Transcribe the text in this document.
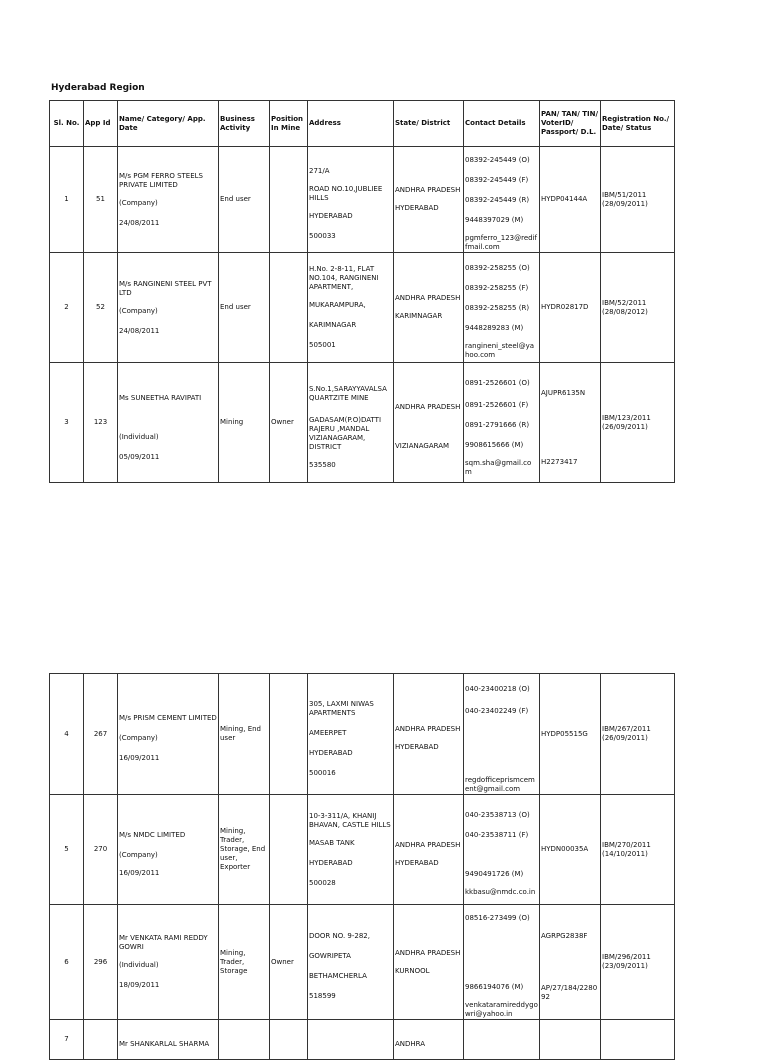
Hyderabad Region
Sl. No.	App Id	Name/ Category/ App. Date	Business Activity	Position In Mine	Address	State/ District	Contact Details	PAN/ TAN/ TIN/ VoterID/ Passport/ D.L.	Registration No./ Date/ Status
1	51	M/s PGM FERRO STEELS PRIVATE LIMITED
(Company)
24/08/2011	End user		271/A
ROAD NO.10,JUBLIEE HILLS
HYDERABAD
500033	ANDHRA PRADESH
HYDERABAD	08392-245449 (O)
08392-245449 (F)
08392-245449 (R)
9448397029 (M)
pgmferro_123@rediffmail.com	HYDP04144A	IBM/51/2011
(28/09/2011)

2	52	M/s RANGINENI STEEL PVT LTD
(Company)
24/08/2011	End user		H.No. 2-8-11, FLAT NO.104, RANGINENI APARTMENT,
MUKARAMPURA,
KARIMNAGAR
505001	ANDHRA PRADESH
KARIMNAGAR	08392-258255 (O)
08392-258255 (F)
08392-258255 (R)
9448289283 (M)
rangineni_steel@yahoo.com	HYDR02817D	IBM/52/2011
(28/08/2012)

3	123	Ms SUNEETHA RAVIPATI
(Individual)
05/09/2011	Mining	Owner	S.No.1,SARAYYAVALSA QUARTZITE MINE
GADASAM(P.O)DATTI RAJERU ,MANDAL VIZIANAGARAM, DISTRICT
535580	ANDHRA PRADESH
VIZIANAGARAM	0891-2526601 (O)
0891-2526601 (F)
0891-2791666 (R)
9908615666 (M)
sqm.sha@gmail.com	AJUPR6135N
H2273417	IBM/123/2011
(26/09/2011)
4	267	M/s PRISM CEMENT LIMITED
(Company)
16/09/2011	Mining, End user		305, LAXMI NIWAS APARTMENTS
AMEERPET
HYDERABAD
500016	ANDHRA PRADESH
HYDERABAD	040-23400218 (O)
040-23402249 (F)
regdofficeprismcement@gmail.com	HYDP05515G	IBM/267/2011
(26/09/2011)

5	270	M/s NMDC LIMITED
(Company)
16/09/2011	Mining, Trader, Storage, End user, Exporter		10-3-311/A, KHANIJ BHAVAN, CASTLE HILLS
MASAB TANK
HYDERABAD
500028	ANDHRA PRADESH
HYDERABAD	040-23538713 (O)
040-23538711 (F)
9490491726 (M)
kkbasu@nmdc.co.in	HYDN00035A	IBM/270/2011
(14/10/2011)

6	296	Mr VENKATA RAMI REDDY GOWRI
(Individual)
18/09/2011	Mining, Trader, Storage	Owner	DOOR NO. 9-282,
GOWRIPETA
BETHAMCHERLA
518599	ANDHRA PRADESH
KURNOOL	08516-273499 (O)
9866194076 (M)
venkataramireddygowri@yahoo.in	AGRPG2838F
AP/27/184/228092	IBM/296/2011
(23/09/2011)

7		Mr SHANKARLAL SHARMA				ANDHRA			
